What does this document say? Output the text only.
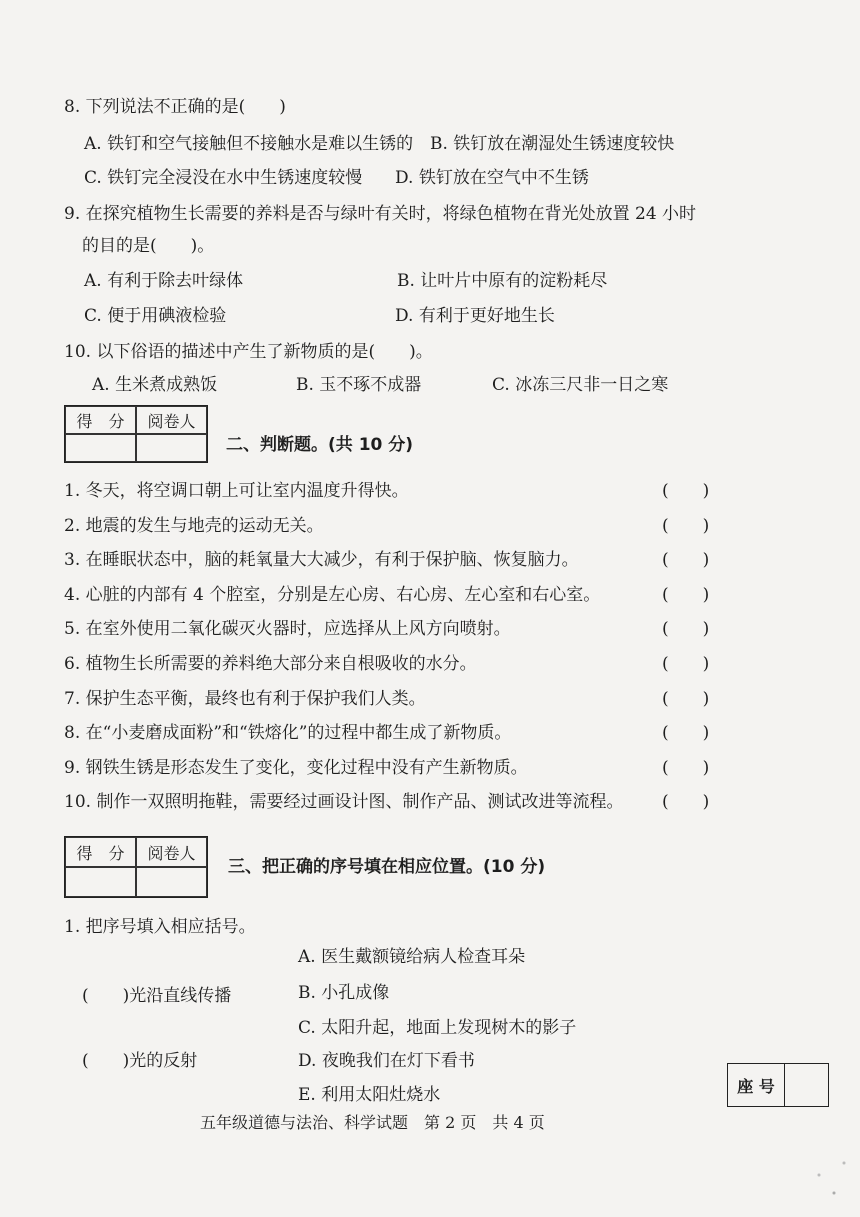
8. 下列说法不正确的是(　　)
A. 铁钉和空气接触但不接触水是难以生锈的 B. 铁钉放在潮湿处生锈速度较快
C. 铁钉完全浸没在水中生锈速度较慢 D. 铁钉放在空气中不生锈
9. 在探究植物生长需要的养料是否与绿叶有关时，将绿色植物在背光处放置 24 小时
的目的是(　　)。
A. 有利于除去叶绿体	B. 让叶片中原有的淀粉耗尽
C. 便于用碘液检验	D. 有利于更好地生长
10. 以下俗语的描述中产生了新物质的是(　　)。
A. 生米煮成熟饭	B. 玉不琢不成器	C. 冰冻三尺非一日之寒
得　分	阅卷人
二、判断题。(共 10 分)
1. 冬天，将空调口朝上可让室内温度升得快。	(　　)
2. 地震的发生与地壳的运动无关。	(　　)
3. 在睡眠状态中，脑的耗氧量大大减少，有利于保护脑、恢复脑力。	(　　)
4. 心脏的内部有 4 个腔室，分别是左心房、右心房、左心室和右心室。	(　　)
5. 在室外使用二氧化碳灭火器时，应选择从上风方向喷射。	(　　)
6. 植物生长所需要的养料绝大部分来自根吸收的水分。	(　　)
7. 保护生态平衡，最终也有利于保护我们人类。	(　　)
8. 在“小麦磨成面粉”和“铁熔化”的过程中都生成了新物质。	(　　)
9. 钢铁生锈是形态发生了变化，变化过程中没有产生新物质。	(　　)
10. 制作一双照明拖鞋，需要经过画设计图、制作产品、测试改进等流程。 (　　)
得　分	阅卷人
三、把正确的序号填在相应位置。(10 分)
1. 把序号填入相应括号。
(　　)光沿直线传播
(　　)光的反射
A. 医生戴额镜给病人检查耳朵
B. 小孔成像
C. 太阳升起，地面上发现树木的影子
D. 夜晚我们在灯下看书
E. 利用太阳灶烧水	座 号
五年级道德与法治、科学试题　第 2 页　共 4 页
